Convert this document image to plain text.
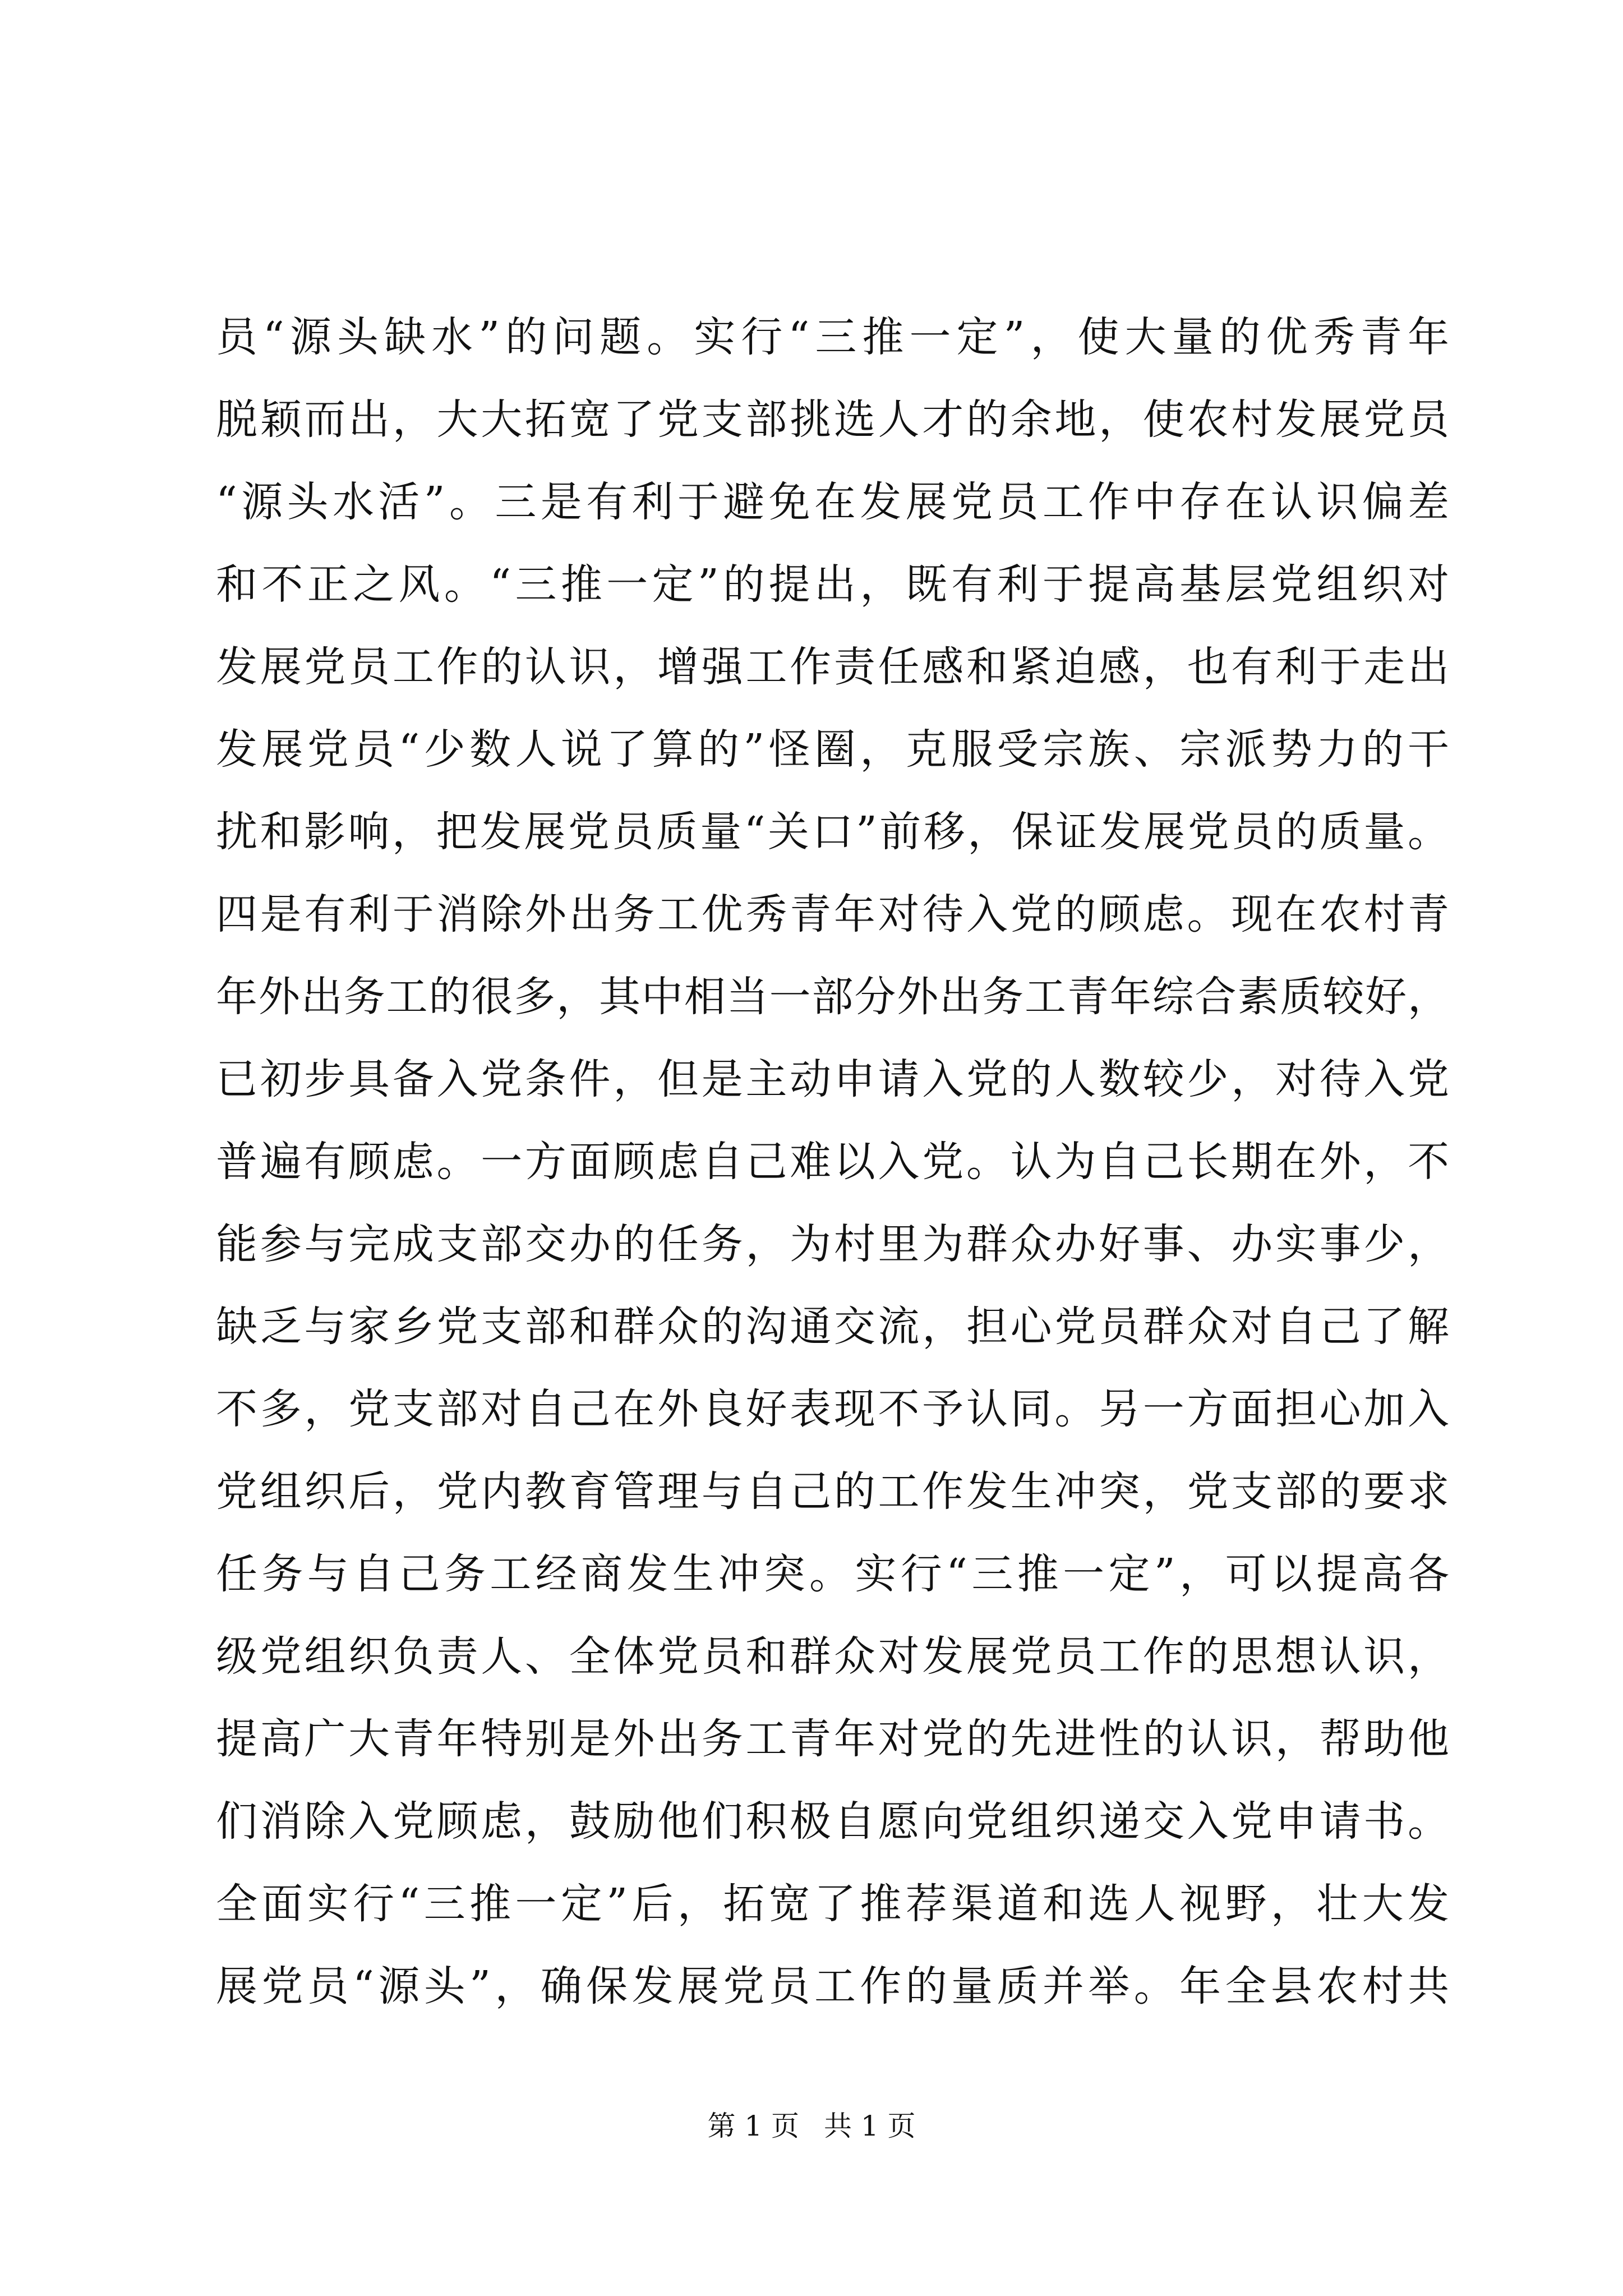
员“源头缺水”的问题。实行“三推一定”，使大量的优秀青年
脱颖而出，大大拓宽了党支部挑选人才的余地，使农村发展党员
“源头水活”。三是有利于避免在发展党员工作中存在认识偏差
和不正之风。“三推一定”的提出，既有利于提高基层党组织对
发展党员工作的认识，增强工作责任感和紧迫感，也有利于走出
发展党员“少数人说了算的”怪圈，克服受宗族、宗派势力的干
扰和影响，把发展党员质量“关口”前移，保证发展党员的质量。
四是有利于消除外出务工优秀青年对待入党的顾虑。现在农村青
年外出务工的很多，其中相当一部分外出务工青年综合素质较好，
已初步具备入党条件，但是主动申请入党的人数较少，对待入党
普遍有顾虑。一方面顾虑自己难以入党。认为自己长期在外，不
能参与完成支部交办的任务，为村里为群众办好事、办实事少，
缺乏与家乡党支部和群众的沟通交流，担心党员群众对自己了解
不多，党支部对自己在外良好表现不予认同。另一方面担心加入
党组织后，党内教育管理与自己的工作发生冲突，党支部的要求
任务与自己务工经商发生冲突。实行“三推一定”，可以提高各
级党组织负责人、全体党员和群众对发展党员工作的思想认识，
提高广大青年特别是外出务工青年对党的先进性的认识，帮助他
们消除入党顾虑，鼓励他们积极自愿向党组织递交入党申请书。
全面实行“三推一定”后，拓宽了推荐渠道和选人视野，壮大发
展党员“源头”，确保发展党员工作的量质并举。年全县农村共
第 1 页 共 1 页
